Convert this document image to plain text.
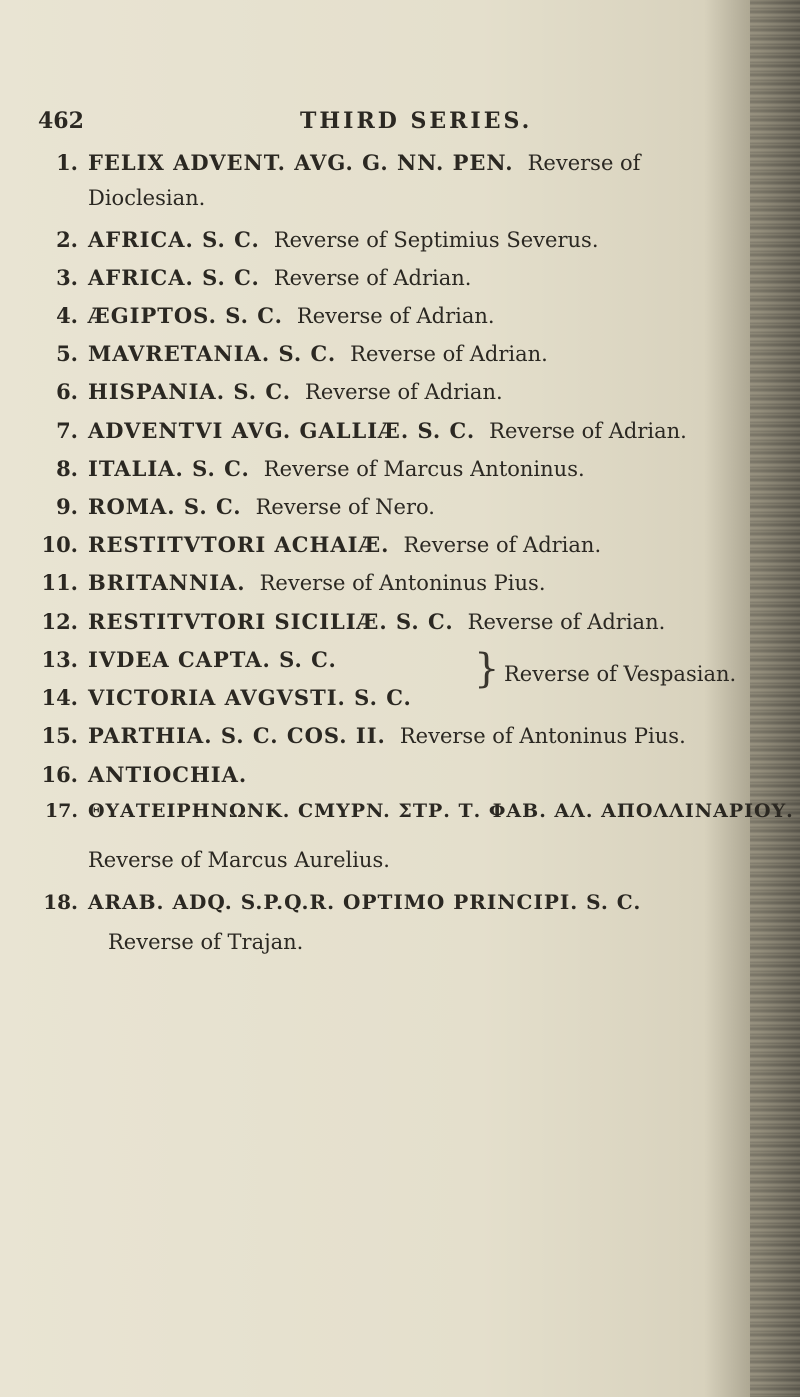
462	THIRD SERIES.
1. FELIX ADVENT. AVG. G. NN. PEN. Reverse of
Dioclesian.
2. AFRICA. S. C. Reverse of Septimius Severus.
3. AFRICA. S. C. Reverse of Adrian.
4. ÆGIPTOS. S. C. Reverse of Adrian.
5. MAVRETANIA. S. C. Reverse of Adrian.
6. HISPANIA. S. C. Reverse of Adrian.
7. ADVENTVI AVG. GALLIÆ. S. C. Reverse of Adrian.
8. ITALIA. S. C. Reverse of Marcus Antoninus.
9. ROMA. S. C. Reverse of Nero.
10. RESTITVTORI ACHAIÆ. Reverse of Adrian.
11. BRITANNIA. Reverse of Antoninus Pius.
12. RESTITVTORI SICILIÆ. S. C. Reverse of Adrian.
13. IVDEA CAPTA. S. C.
14. VICTORIA AVGVSTI. S. C.
} Reverse of Vespasian.
15. PARTHIA. S. C. COS. II. Reverse of Antoninus Pius.
16. ANTIOCHIA.
17. ΘΥΑΤΕΙΡΗΝΩΝΚ. CMYPN. ΣΤΡ. Τ. ΦΑΒ. ΑΛ. ΑΠΟΛΛΙΝΑΡΙΟΥ.
Reverse of Marcus Aurelius.
18. ARAB. ADQ. S.P.Q.R. OPTIMO PRINCIPI. S. C.
Reverse of Trajan.
